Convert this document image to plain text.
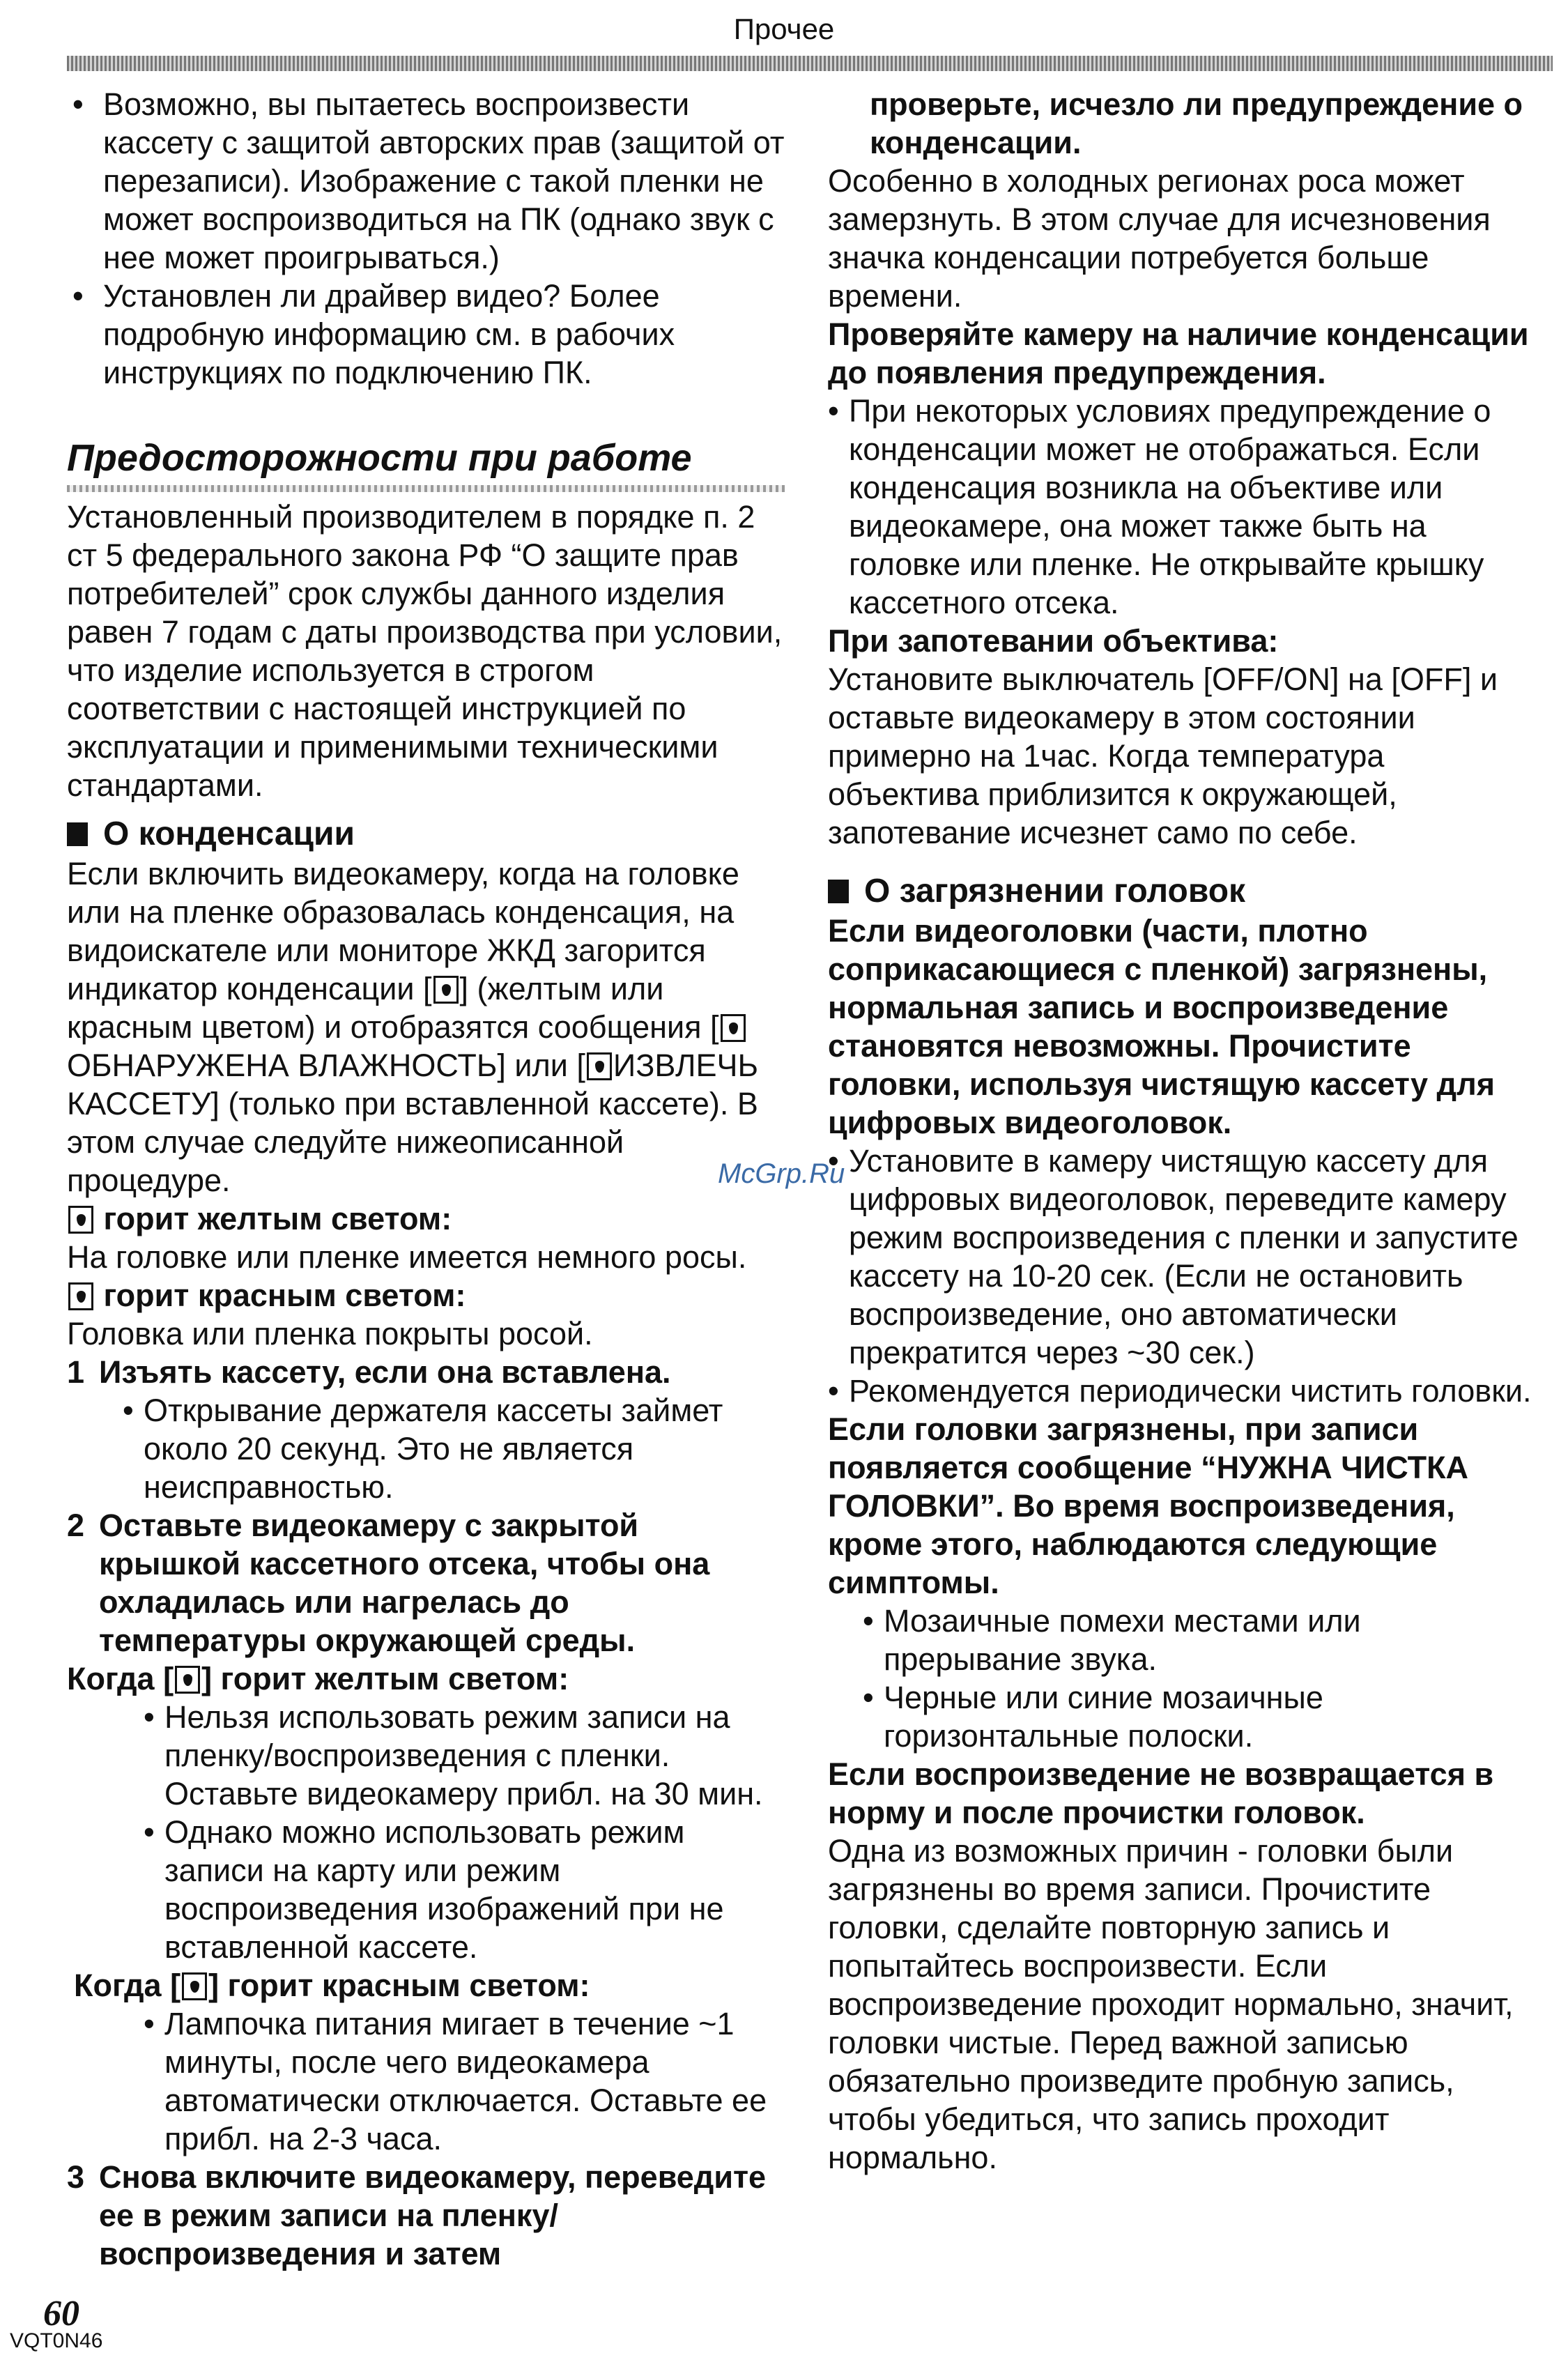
Прочее

• Возможно, вы пытаетесь воспроизвести кассету с защитой авторских прав (защитой от перезаписи). Изображение с такой пленки не может воспроизводиться на ПК (однако звук с нее может проигрываться.)

• Установлен ли драйвер видео? Более подробную информацию см. в рабочих инструкциях по подключению ПК.

Предосторожности при работе

Установленный производителем в порядке п. 2 ст 5 федерального закона РФ “О защите прав потребителей” срок службы данного изделия равен 7 годам с даты производства при условии, что изделие используется в строгом соответствии с настоящей инструкцией по эксплуатации и применимыми техническими стандартами.

О конденсации

Если включить видеокамеру, когда на головке или на пленке образовалась конденсация, на видоискателе или мониторе ЖКД загорится индикатор конденсации [ ] (желтым или красным цветом) и отобразятся сообщения [ОБНАРУЖЕНА ВЛАЖНОСТЬ] или [ ИЗВЛЕЧЬ КАССЕТУ] (только при вставленной кассете). В этом случае следуйте нижеописанной процедуре.

горит желтым светом:

На головке или пленке имеется немного росы.

горит красным светом:

Головка или пленка покрыты росой.

1 Изъять кассету, если она вставлена.

• Открывание держателя кассеты займет около 20 секунд. Это не является неисправностью.

2 Оставьте видеокамеру с закрытой крышкой кассетного отсека, чтобы она охладилась или нагрелась до температуры окружающей среды.

Когда [ ] горит желтым светом:

• Нельзя использовать режим записи на пленку/воспроизведения с пленки. Оставьте видеокамеру прибл. на 30 мин.

• Однако можно использовать режим записи на карту или режим воспроизведения изображений при не вставленной кассете.

Когда [ ] горит красным светом:

• Лампочка питания мигает в течение ~1 минуты, после чего видеокамера автоматически отключается. Оставьте ее прибл. на 2-3 часа.

3 Снова включите видеокамеру, переведите ее в режим записи на пленку/воспроизведения и затем

проверьте, исчезло ли предупреждение о конденсации.

Особенно в холодных регионах роса может замерзнуть. В этом случае для исчезновения значка конденсации потребуется больше времени.

Проверяйте камеру на наличие конденсации до появления предупреждения.

• При некоторых условиях предупреждение о конденсации может не отображаться. Если конденсация возникла на объективе или видеокамере, она может также быть на головке или пленке. Не открывайте крышку кассетного отсека.

При запотевании объектива:

Установите выключатель [OFF/ON] на [OFF] и оставьте видеокамеру в этом состоянии примерно на 1час. Когда температура объектива приблизится к окружающей, запотевание исчезнет само по себе.

О загрязнении головок

Если видеоголовки (части, плотно соприкасающиеся с пленкой) загрязнены, нормальная запись и воспроизведение становятся невозможны. Прочистите головки, используя чистящую кассету для цифровых видеоголовок.

• Установите в камеру чистящую кассету для цифровых видеоголовок, переведите камеру режим воспроизведения с пленки и запустите кассету на 10-20 сек. (Если не остановить воспроизведение, оно автоматически прекратится через ~30 сек.)

• Рекомендуется периодически чистить головки.

Если головки загрязнены, при записи появляется сообщение “НУЖНА ЧИСТКА ГОЛОВКИ”. Во время воспроизведения, кроме этого, наблюдаются следующие симптомы.

• Мозаичные помехи местами или прерывание звука.

• Черные или синие мозаичные горизонтальные полоски.

Если воспроизведение не возвращается в норму и после прочистки головок.

Одна из возможных причин - головки были загрязнены во время записи. Прочистите головки, сделайте повторную запись и попытайтесь воспроизвести. Если воспроизведение проходит нормально, значит, головки чистые. Перед важной записью обязательно произведите пробную запись, чтобы убедиться, что запись проходит нормально.

McGrp.Ru
60
VQT0N46
